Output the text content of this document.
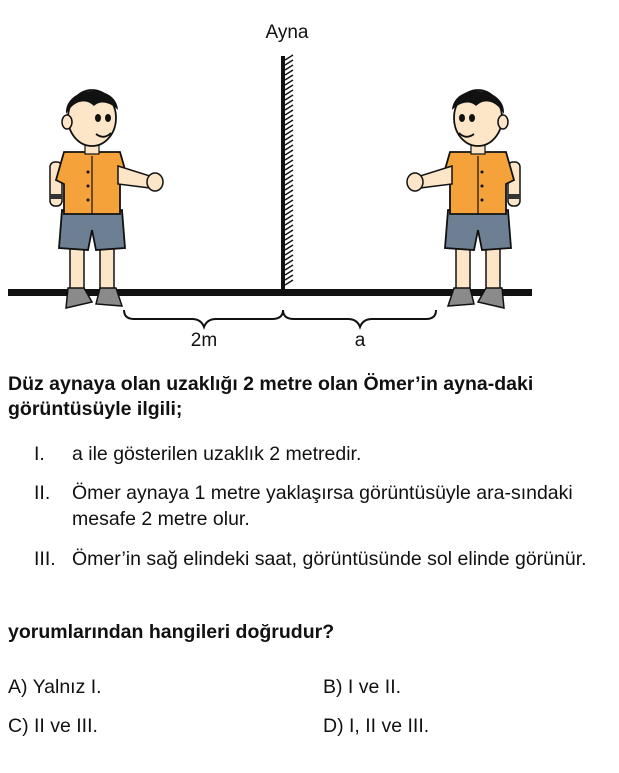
Ayna
2m	a
Düz aynaya olan uzaklığı 2 metre olan Ömer’in ayna-daki görüntüsüyle ilgili;
I. a ile gösterilen uzaklık 2 metredir.
II. Ömer aynaya 1 metre yaklaşırsa görüntüsüyle ara-sındaki mesafe 2 metre olur.
III. Ömer’in sağ elindeki saat, görüntüsünde sol elinde görünür.
yorumlarından hangileri doğrudur?
A) Yalnız I.	B) I ve II.
C) II ve III.	D) I, II ve III.
